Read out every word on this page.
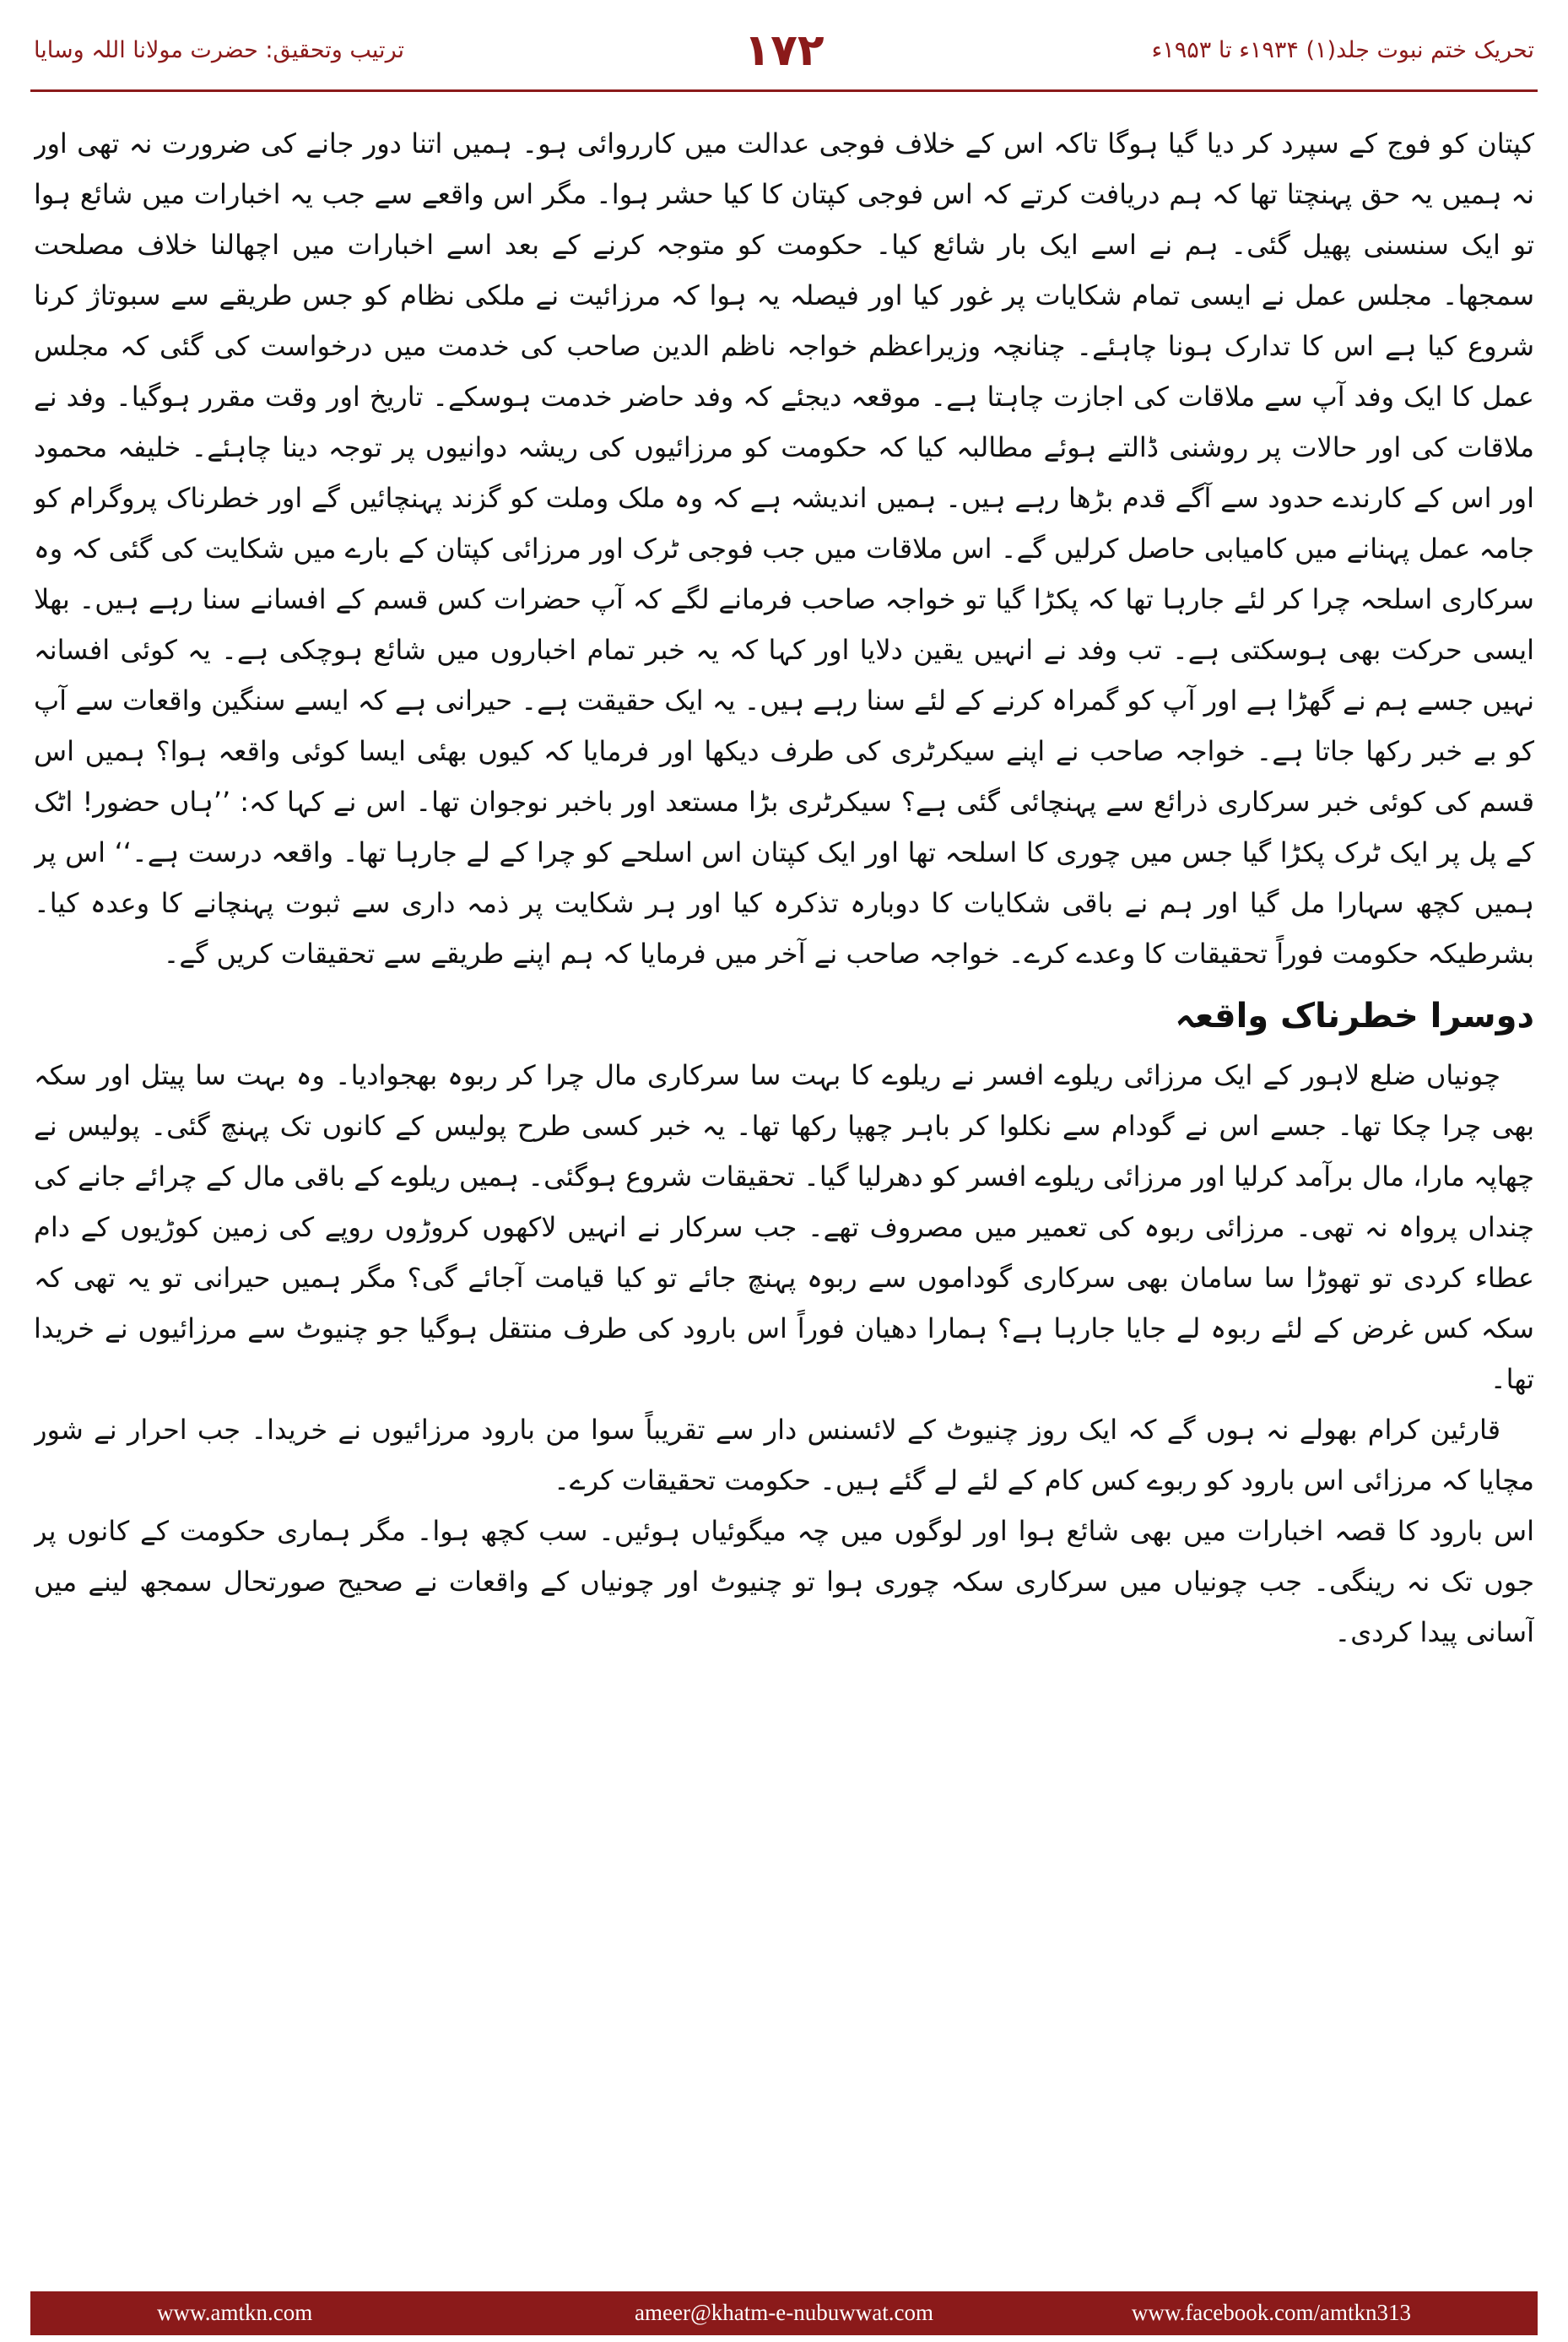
ترتیب وتحقیق: حضرت مولانا اللہ وسایا	۱۷۲	تحریک ختم نبوت جلد(۱) ۱۹۳۴ء تا ۱۹۵۳ء

کپتان کو فوج کے سپرد کر دیا گیا ہوگا تاکہ اس کے خلاف فوجی عدالت میں کارروائی ہو۔ ہمیں اتنا دور جانے کی ضرورت نہ تھی اور نہ ہمیں یہ حق پہنچتا تھا کہ ہم دریافت کرتے کہ اس فوجی کپتان کا کیا حشر ہوا۔ مگر اس واقعے سے جب یہ اخبارات میں شائع ہوا تو ایک سنسنی پھیل گئی۔ ہم نے اسے ایک بار شائع کیا۔ حکومت کو متوجہ کرنے کے بعد اسے اخبارات میں اچھالنا خلاف مصلحت سمجھا۔ مجلس عمل نے ایسی تمام شکایات پر غور کیا اور فیصلہ یہ ہوا کہ مرزائیت نے ملکی نظام کو جس طریقے سے سبوتاژ کرنا شروع کیا ہے اس کا تدارک ہونا چاہئے۔ چنانچہ وزیراعظم خواجہ ناظم الدین صاحب کی خدمت میں درخواست کی گئی کہ مجلس عمل کا ایک وفد آپ سے ملاقات کی اجازت چاہتا ہے۔ موقعہ دیجئے کہ وفد حاضر خدمت ہوسکے۔ تاریخ اور وقت مقرر ہوگیا۔ وفد نے ملاقات کی اور حالات پر روشنی ڈالتے ہوئے مطالبہ کیا کہ حکومت کو مرزائیوں کی ریشہ دوانیوں پر توجہ دینا چاہئے۔ خلیفہ محمود اور اس کے کارندے حدود سے آگے قدم بڑھا رہے ہیں۔ ہمیں اندیشہ ہے کہ وہ ملک وملت کو گزند پہنچائیں گے اور خطرناک پروگرام کو جامہ عمل پہنانے میں کامیابی حاصل کرلیں گے۔ اس ملاقات میں جب فوجی ٹرک اور مرزائی کپتان کے بارے میں شکایت کی گئی کہ وہ سرکاری اسلحہ چرا کر لئے جارہا تھا کہ پکڑا گیا تو خواجہ صاحب فرمانے لگے کہ آپ حضرات کس قسم کے افسانے سنا رہے ہیں۔ بھلا ایسی حرکت بھی ہوسکتی ہے۔ تب وفد نے انہیں یقین دلایا اور کہا کہ یہ خبر تمام اخباروں میں شائع ہوچکی ہے۔ یہ کوئی افسانہ نہیں جسے ہم نے گھڑا ہے اور آپ کو گمراہ کرنے کے لئے سنا رہے ہیں۔ یہ ایک حقیقت ہے۔ حیرانی ہے کہ ایسے سنگین واقعات سے آپ کو بے خبر رکھا جاتا ہے۔ خواجہ صاحب نے اپنے سیکرٹری کی طرف دیکھا اور فرمایا کہ کیوں بھئی ایسا کوئی واقعہ ہوا؟ ہمیں اس قسم کی کوئی خبر سرکاری ذرائع سے پہنچائی گئی ہے؟ سیکرٹری بڑا مستعد اور باخبر نوجوان تھا۔ اس نے کہا کہ: ’’ہاں حضور! اٹک کے پل پر ایک ٹرک پکڑا گیا جس میں چوری کا اسلحہ تھا اور ایک کپتان اس اسلحے کو چرا کے لے جارہا تھا۔ واقعہ درست ہے۔‘‘ اس پر ہمیں کچھ سہارا مل گیا اور ہم نے باقی شکایات کا دوبارہ تذکرہ کیا اور ہر شکایت پر ذمہ داری سے ثبوت پہنچانے کا وعدہ کیا۔ بشرطیکہ حکومت فوراً تحقیقات کا وعدے کرے۔ خواجہ صاحب نے آخر میں فرمایا کہ ہم اپنے طریقے سے تحقیقات کریں گے۔

دوسرا خطرناک واقعہ

چونیاں ضلع لاہور کے ایک مرزائی ریلوے افسر نے ریلوے کا بہت سا سرکاری مال چرا کر ربوہ بھجوادیا۔ وہ بہت سا پیتل اور سکہ بھی چرا چکا تھا۔ جسے اس نے گودام سے نکلوا کر باہر چھپا رکھا تھا۔ یہ خبر کسی طرح پولیس کے کانوں تک پہنچ گئی۔ پولیس نے چھاپہ مارا، مال برآمد کرلیا اور مرزائی ریلوے افسر کو دھرلیا گیا۔ تحقیقات شروع ہوگئی۔ ہمیں ریلوے کے باقی مال کے چرائے جانے کی چنداں پرواہ نہ تھی۔ مرزائی ربوہ کی تعمیر میں مصروف تھے۔ جب سرکار نے انہیں لاکھوں کروڑوں روپے کی زمین کوڑیوں کے دام عطاء کردی تو تھوڑا سا سامان بھی سرکاری گوداموں سے ربوہ پہنچ جائے تو کیا قیامت آجائے گی؟ مگر ہمیں حیرانی تو یہ تھی کہ سکہ کس غرض کے لئے ربوہ لے جایا جارہا ہے؟ ہمارا دھیان فوراً اس بارود کی طرف منتقل ہوگیا جو چنیوٹ سے مرزائیوں نے خریدا تھا۔

قارئین کرام بھولے نہ ہوں گے کہ ایک روز چنیوٹ کے لائسنس دار سے تقریباً سوا من بارود مرزائیوں نے خریدا۔ جب احرار نے شور مچایا کہ مرزائی اس بارود کو ربوے کس کام کے لئے لے گئے ہیں۔ حکومت تحقیقات کرے۔

اس بارود کا قصہ اخبارات میں بھی شائع ہوا اور لوگوں میں چہ میگوئیاں ہوئیں۔ سب کچھ ہوا۔ مگر ہماری حکومت کے کانوں پر جوں تک نہ رینگی۔ جب چونیاں میں سرکاری سکہ چوری ہوا تو چنیوٹ اور چونیاں کے واقعات نے صحیح صورتحال سمجھ لینے میں آسانی پیدا کردی۔

www.amtkn.com	ameer@khatm-e-nubuwwat.com	www.facebook.com/amtkn313
